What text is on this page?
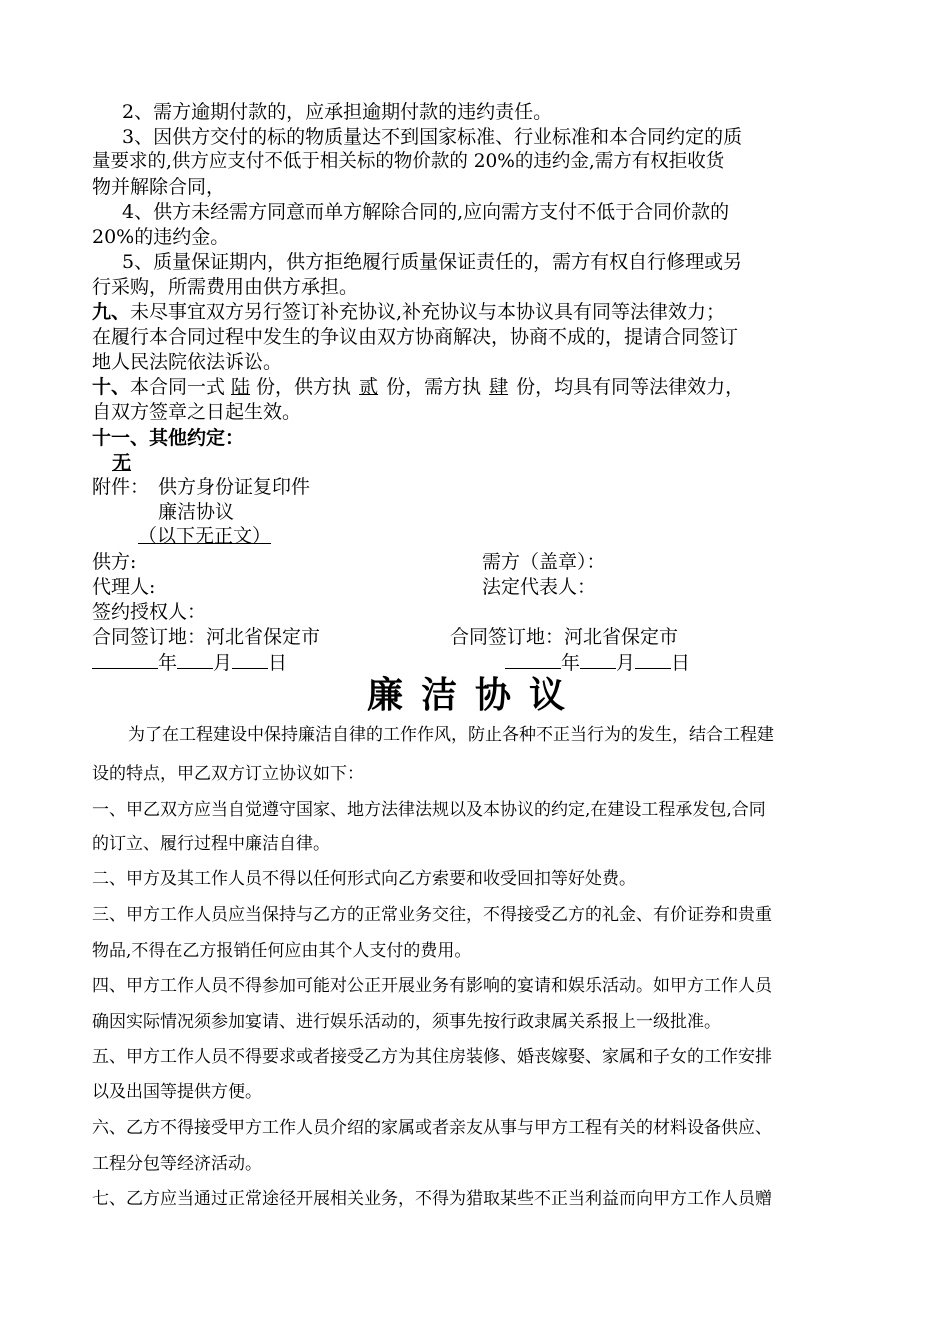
2、需方逾期付款的，应承担逾期付款的违约责任。
3、因供方交付的标的物质量达不到国家标准、行业标准和本合同约定的质
量要求的,供方应支付不低于相关标的物价款的 20%的违约金,需方有权拒收货
物并解除合同，
4、供方未经需方同意而单方解除合同的,应向需方支付不低于合同价款的
20%的违约金。
5、质量保证期内，供方拒绝履行质量保证责任的，需方有权自行修理或另
行采购，所需费用由供方承担。
九、未尽事宜双方另行签订补充协议,补充协议与本协议具有同等法律效力；
在履行本合同过程中发生的争议由双方协商解决，协商不成的，提请合同签订
地人民法院依法诉讼。
十、本合同一式 陆 份，供方执 贰 份，需方执 肆 份，均具有同等法律效力，
自双方签章之日起生效。
十一、其他约定：
无
附件： 供方身份证复印件
廉洁协议
（以下无正文）
供方:	需方（盖章）：
代理人:	法定代表人：
签约授权人：
合同签订地：河北省保定市	合同签订地：河北省保定市
年 月 日	年 月 日
廉洁协议
为了在工程建设中保持廉洁自律的工作作风，防止各种不正当行为的发生，结合工程建
设的特点，甲乙双方订立协议如下：
一、甲乙双方应当自觉遵守国家、地方法律法规以及本协议的约定,在建设工程承发包,合同
的订立、履行过程中廉洁自律。
二、甲方及其工作人员不得以任何形式向乙方索要和收受回扣等好处费。
三、甲方工作人员应当保持与乙方的正常业务交往，不得接受乙方的礼金、有价证券和贵重
物品,不得在乙方报销任何应由其个人支付的费用。
四、甲方工作人员不得参加可能对公正开展业务有影响的宴请和娱乐活动。如甲方工作人员
确因实际情况须参加宴请、进行娱乐活动的，须事先按行政隶属关系报上一级批准。
五、甲方工作人员不得要求或者接受乙方为其住房装修、婚丧嫁娶、家属和子女的工作安排
以及出国等提供方便。
六、乙方不得接受甲方工作人员介绍的家属或者亲友从事与甲方工程有关的材料设备供应、
工程分包等经济活动。
七、乙方应当通过正常途径开展相关业务，不得为猎取某些不正当利益而向甲方工作人员赠
